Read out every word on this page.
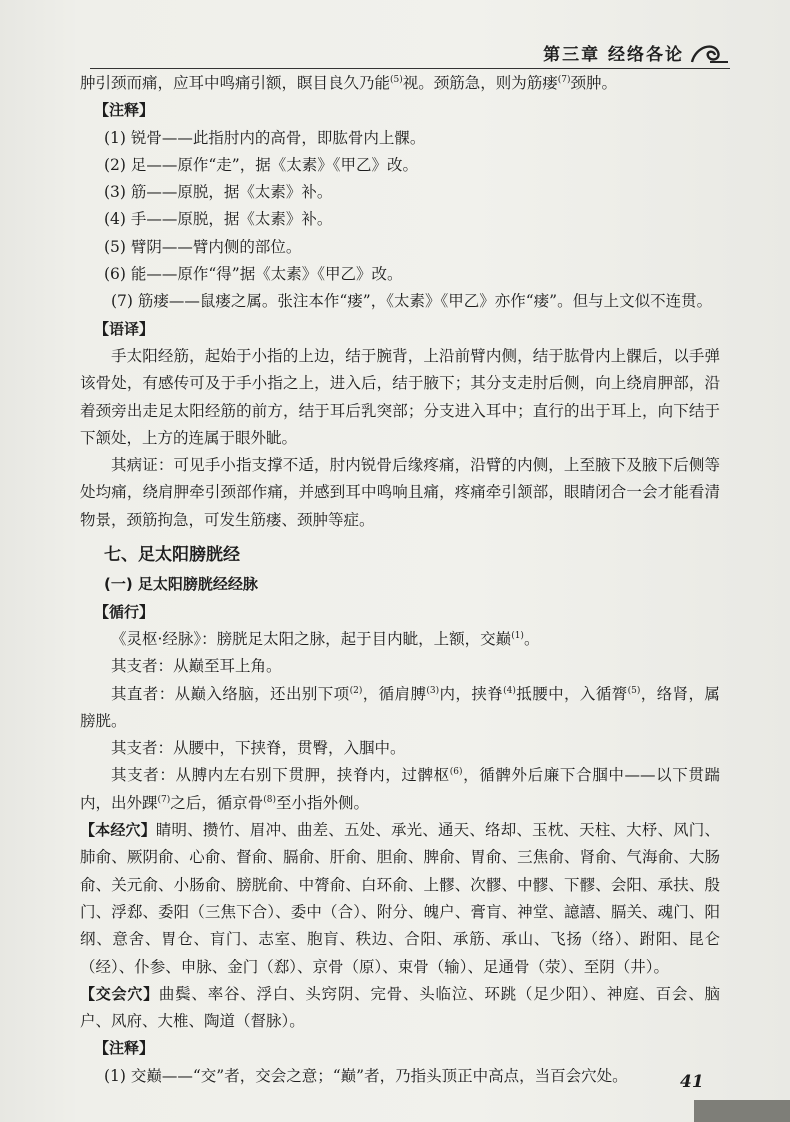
第三章 经络各论

肿引颈而痛，应耳中鸣痛引额，瞑目良久乃能$^{(5)}$视。颈筋急，则为筋瘘$^{(7)}$颈肿。

【注释】

(1) 锐骨——此指肘内的高骨，即肱骨内上髁。

(2) 足——原作“走”，据《太素》《甲乙》改。

(3) 筋——原脱，据《太素》补。

(4) 手——原脱，据《太素》补。

(5) 臂阴——臂内侧的部位。

(6) 能——原作“得”据《太素》《甲乙》改。

(7) 筋瘘——鼠瘘之属。张注本作“瘘”，《太素》《甲乙》亦作“瘘”。但与上文似不连贯。

【语译】

手太阳经筋，起始于小指的上边，结于腕背，上沿前臂内侧，结于肱骨内上髁后，以手弹该骨处，有感传可及于手小指之上，进入后，结于腋下；其分支走肘后侧，向上绕肩胛部，沿着颈旁出走足太阳经筋的前方，结于耳后乳突部；分支进入耳中；直行的出于耳上，向下结于下颔处，上方的连属于眼外眦。

其病证：可见手小指支撑不适，肘内锐骨后缘疼痛，沿臂的内侧，上至腋下及腋下后侧等处均痛，绕肩胛牵引颈部作痛，并感到耳中鸣响且痛，疼痛牵引颔部，眼睛闭合一会才能看清物景，颈筋拘急，可发生筋瘘、颈肿等症。

七、足太阳膀胱经

(一) 足太阳膀胱经经脉

【循行】

《灵枢·经脉》：膀胱足太阳之脉，起于目内眦，上额，交巅$^{(1)}$。

其支者：从巅至耳上角。

其直者：从巅入络脑，还出别下项$^{(2)}$，循肩膊$^{(3)}$内，挟脊$^{(4)}$抵腰中，入循膂$^{(5)}$，络肾，属膀胱。

其支者：从腰中，下挟脊，贯臀，入腘中。

其支者：从膊内左右别下贯胛，挟脊内，过髀枢$^{(6)}$，循髀外后廉下合腘中——以下贯踹内，出外踝$^{(7)}$之后，循京骨$^{(8)}$至小指外侧。

【本经穴】睛明、攒竹、眉冲、曲差、五处、承光、通天、络却、玉枕、天柱、大杼、风门、肺俞、厥阴俞、心俞、督俞、膈俞、肝俞、胆俞、脾俞、胃俞、三焦俞、肾俞、气海俞、大肠俞、关元俞、小肠俞、膀胱俞、中膂俞、白环俞、上髎、次髎、中髎、下髎、会阳、承扶、殷门、浮郄、委阳（三焦下合）、委中（合）、附分、魄户、膏肓、神堂、譩譆、膈关、魂门、阳纲、意舍、胃仓、肓门、志室、胞肓、秩边、合阳、承筋、承山、飞扬（络）、跗阳、昆仑（经）、仆参、申脉、金门（郄）、京骨（原）、束骨（输）、足通骨（荥）、至阴（井）。

【交会穴】曲鬓、率谷、浮白、头窍阴、完骨、头临泣、环跳（足少阳）、神庭、百会、脑户、风府、大椎、陶道（督脉）。

【注释】

(1) 交巅——“交”者，交会之意；“巅”者，乃指头顶正中高点，当百会穴处。	41
